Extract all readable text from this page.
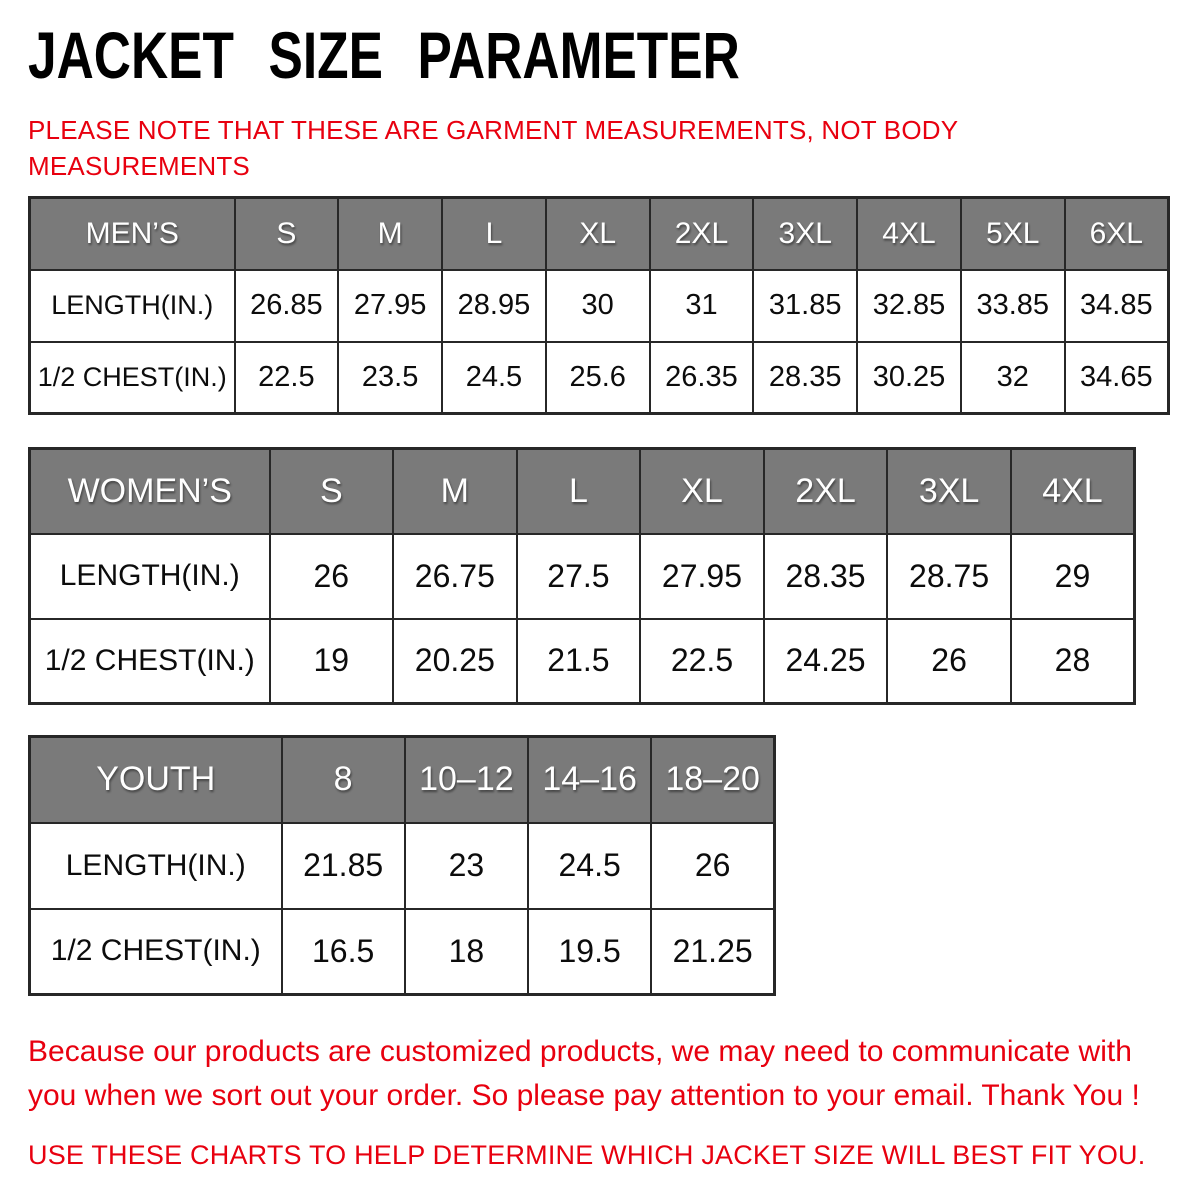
JACKET SIZE PARAMETER

PLEASE NOTE THAT THESE ARE GARMENT MEASUREMENTS, NOT BODY MEASUREMENTS

MEN’S	S	M	L	XL	2XL	3XL	4XL	5XL	6XL
LENGTH(IN.)	26.85	27.95	28.95	30	31	31.85	32.85	33.85	34.85
1/2 CHEST(IN.)	22.5	23.5	24.5	25.6	26.35	28.35	30.25	32	34.65
WOMEN’S	S	M	L	XL	2XL	3XL	4XL
LENGTH(IN.)	26	26.75	27.5	27.95	28.35	28.75	29
1/2 CHEST(IN.)	19	20.25	21.5	22.5	24.25	26	28
YOUTH	8	10–12	14–16	18–20
LENGTH(IN.)	21.85	23	24.5	26
1/2 CHEST(IN.)	16.5	18	19.5	21.25

Because our products are customized products, we may need to communicate with you when we sort out your order. So please pay attention to your email. Thank You !

USE THESE CHARTS TO HELP DETERMINE WHICH JACKET SIZE WILL BEST FIT YOU.
